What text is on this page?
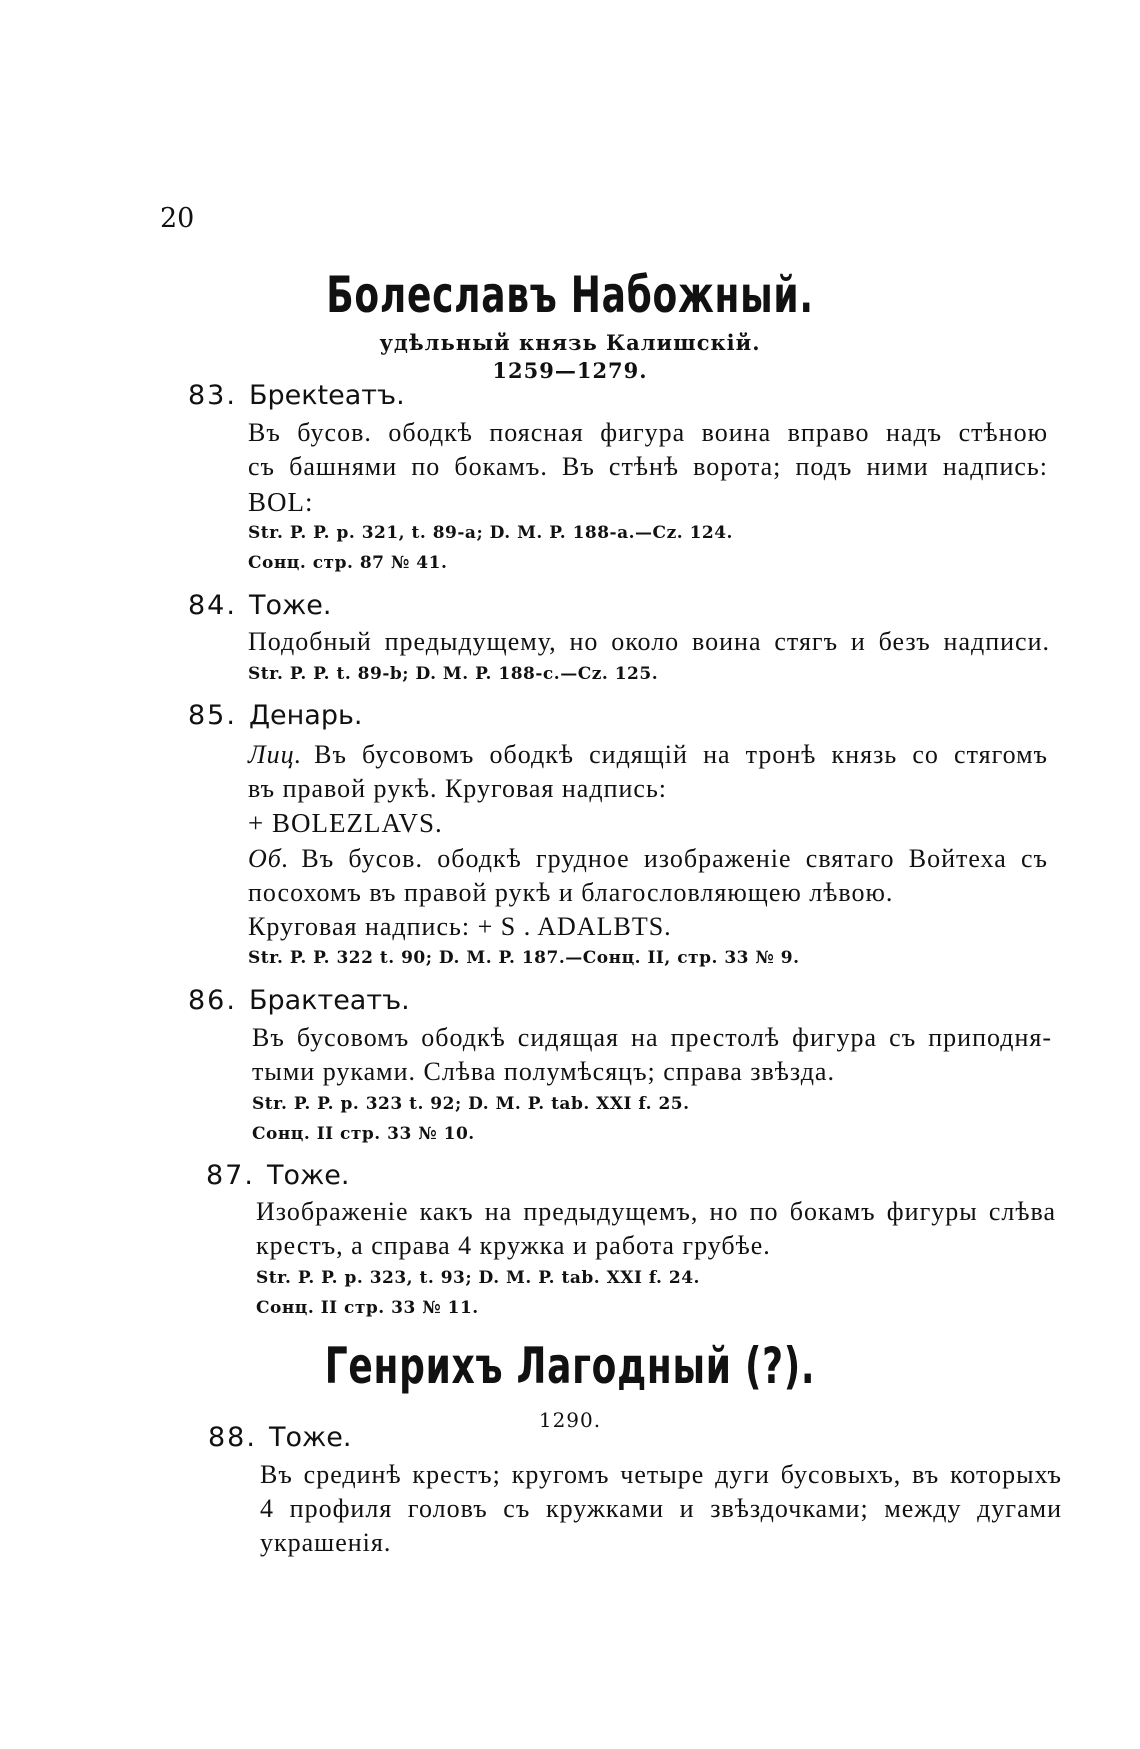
20
Болеславъ Набожный.
удѣльный князь Калишскій.
1259—1279.
83. Брекteатъ.
Въ бусов. ободкѣ поясная фигура воина вправо надъ стѣною
съ башнями по бокамъ. Въ стѣнѣ ворота; подъ ними надпись:
BOL:
Str. P. P. p. 321, t. 89-a; D. M. P. 188-a.—Cz. 124.
Сонц. стр. 87 № 41.
84. Тоже.
Подобный предыдущему, но около воина стягъ и безъ надписи.
Str. P. P. t. 89-b; D. M. P. 188-c.—Cz. 125.
85. Денарь.
Лиц. Въ бусовомъ ободкѣ сидящій на тронѣ князь со стягомъ
въ правой рукѣ. Круговая надпись:
+ BOLEZLAVS.
Об. Въ бусов. ободкѣ грудное изображеніе святаго Войтеха съ
посохомъ въ правой рукѣ и благословляющею лѣвою.
Круговая надпись: + S . ADALBTS.
Str. P. P. 322 t. 90; D. M. P. 187.—Сонц. II, стр. 33 № 9.
86. Брактеатъ.
Въ бусовомъ ободкѣ сидящая на престолѣ фигура съ приподня-
тыми руками. Слѣва полумѣсяцъ; справа звѣзда.
Str. P. P. p. 323 t. 92; D. M. P. tab. XXI f. 25.
Сонц. II стр. 33 № 10.
87. Тоже.
Изображеніе какъ на предыдущемъ, но по бокамъ фигуры слѣва
крестъ, а справа 4 кружка и работа грубѣе.
Str. P. P. p. 323, t. 93; D. M. P. tab. XXI f. 24.
Сонц. II стр. 33 № 11.
Генрихъ Лагодный (?).
1290.
88. Тоже.
Въ срединѣ крестъ; кругомъ четыре дуги бусовыхъ, въ которыхъ
4 профиля головъ съ кружками и звѣздочками; между дугами
украшенія.
